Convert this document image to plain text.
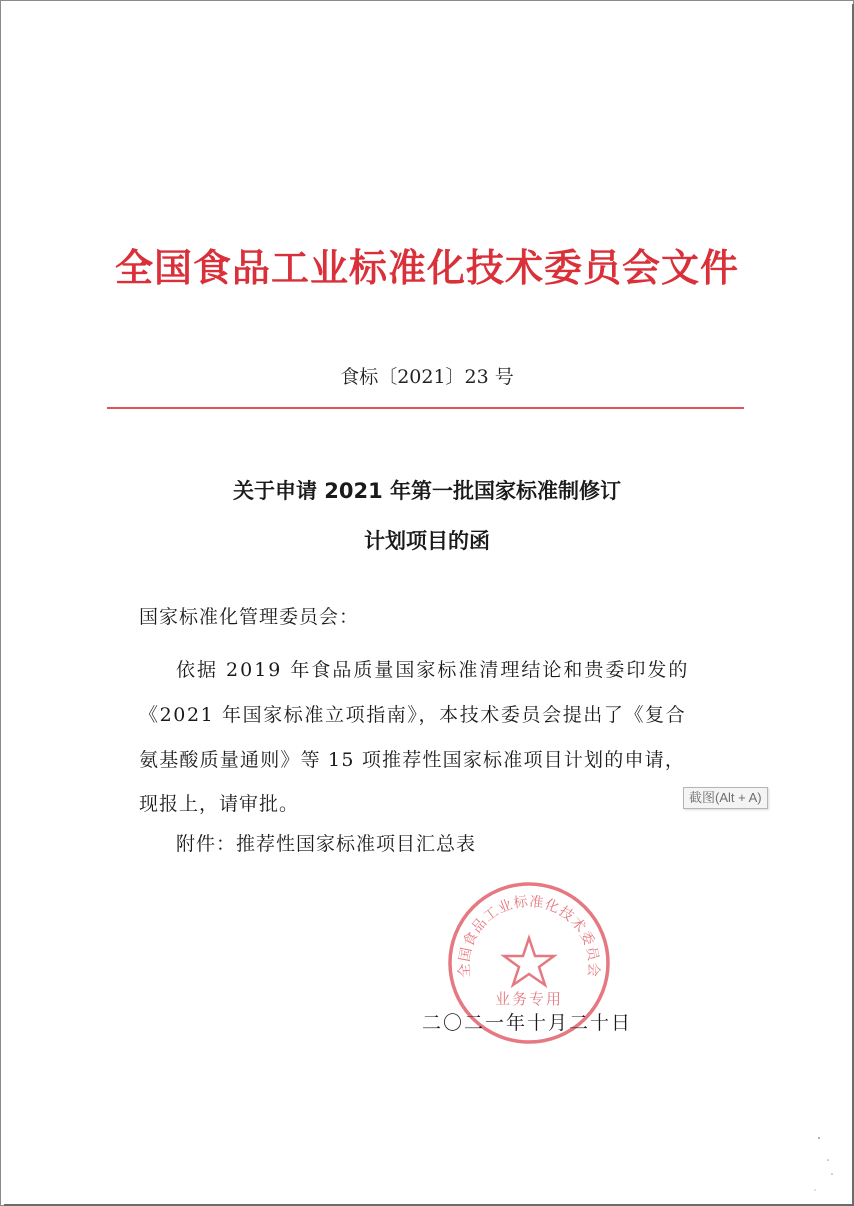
全国食品工业标准化技术委员会文件
食标〔2021〕23 号
关于申请 2021 年第一批国家标准制修订
计划项目的函
国家标准化管理委员会：
依据 2019 年食品质量国家标准清理结论和贵委印发的
《2021 年国家标准立项指南》，本技术委员会提出了《复合
氨基酸质量通则》等 15 项推荐性国家标准项目计划的申请，
现报上，请审批。	截图(Alt + A)
附件：推荐性国家标准项目汇总表
全国食品工业标准化技术委员会
业务专用
二〇二一年十月二十日
